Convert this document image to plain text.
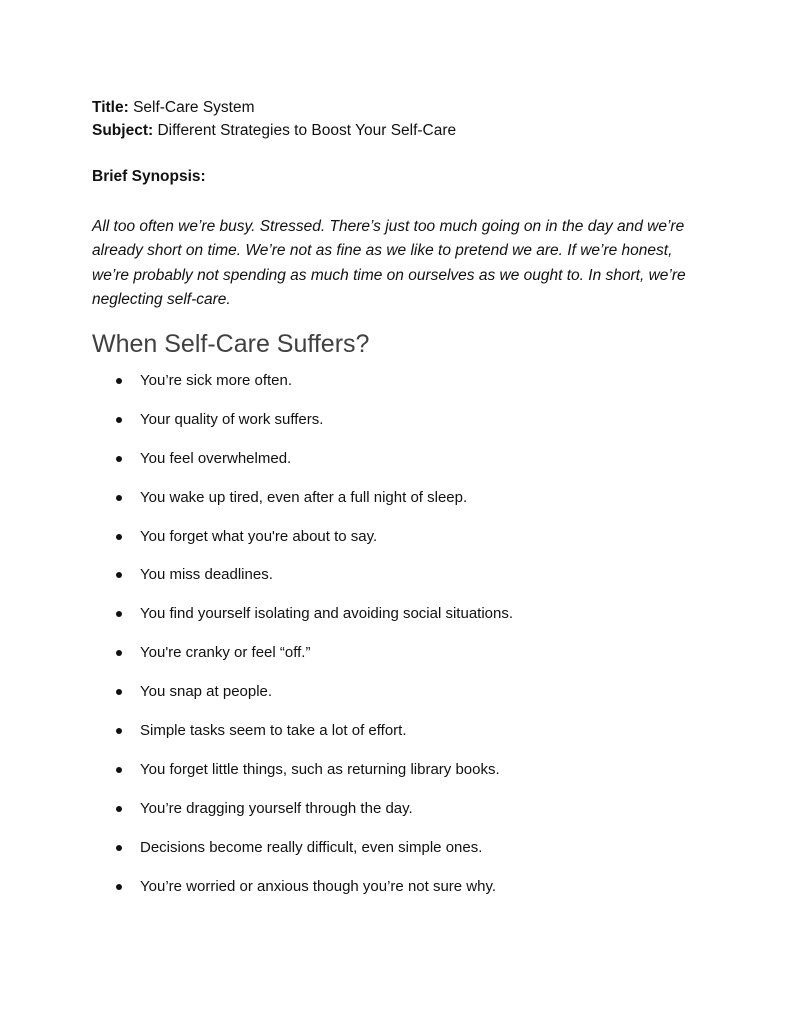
Title: Self-Care System
Subject: Different Strategies to Boost Your Self-Care
Brief Synopsis:

All too often we’re busy. Stressed. There’s just too much going on in the day and we’re already short on time. We’re not as fine as we like to pretend we are. If we’re honest, we’re probably not spending as much time on ourselves as we ought to. In short, we’re neglecting self-care.

When Self-Care Suffers?
You’re sick more often.
Your quality of work suffers.
You feel overwhelmed.
You wake up tired, even after a full night of sleep.
You forget what you're about to say.
You miss deadlines.
You find yourself isolating and avoiding social situations.
You're cranky or feel “off.”
You snap at people.
Simple tasks seem to take a lot of effort.
You forget little things, such as returning library books.
You’re dragging yourself through the day.
Decisions become really difficult, even simple ones.
You’re worried or anxious though you’re not sure why.
